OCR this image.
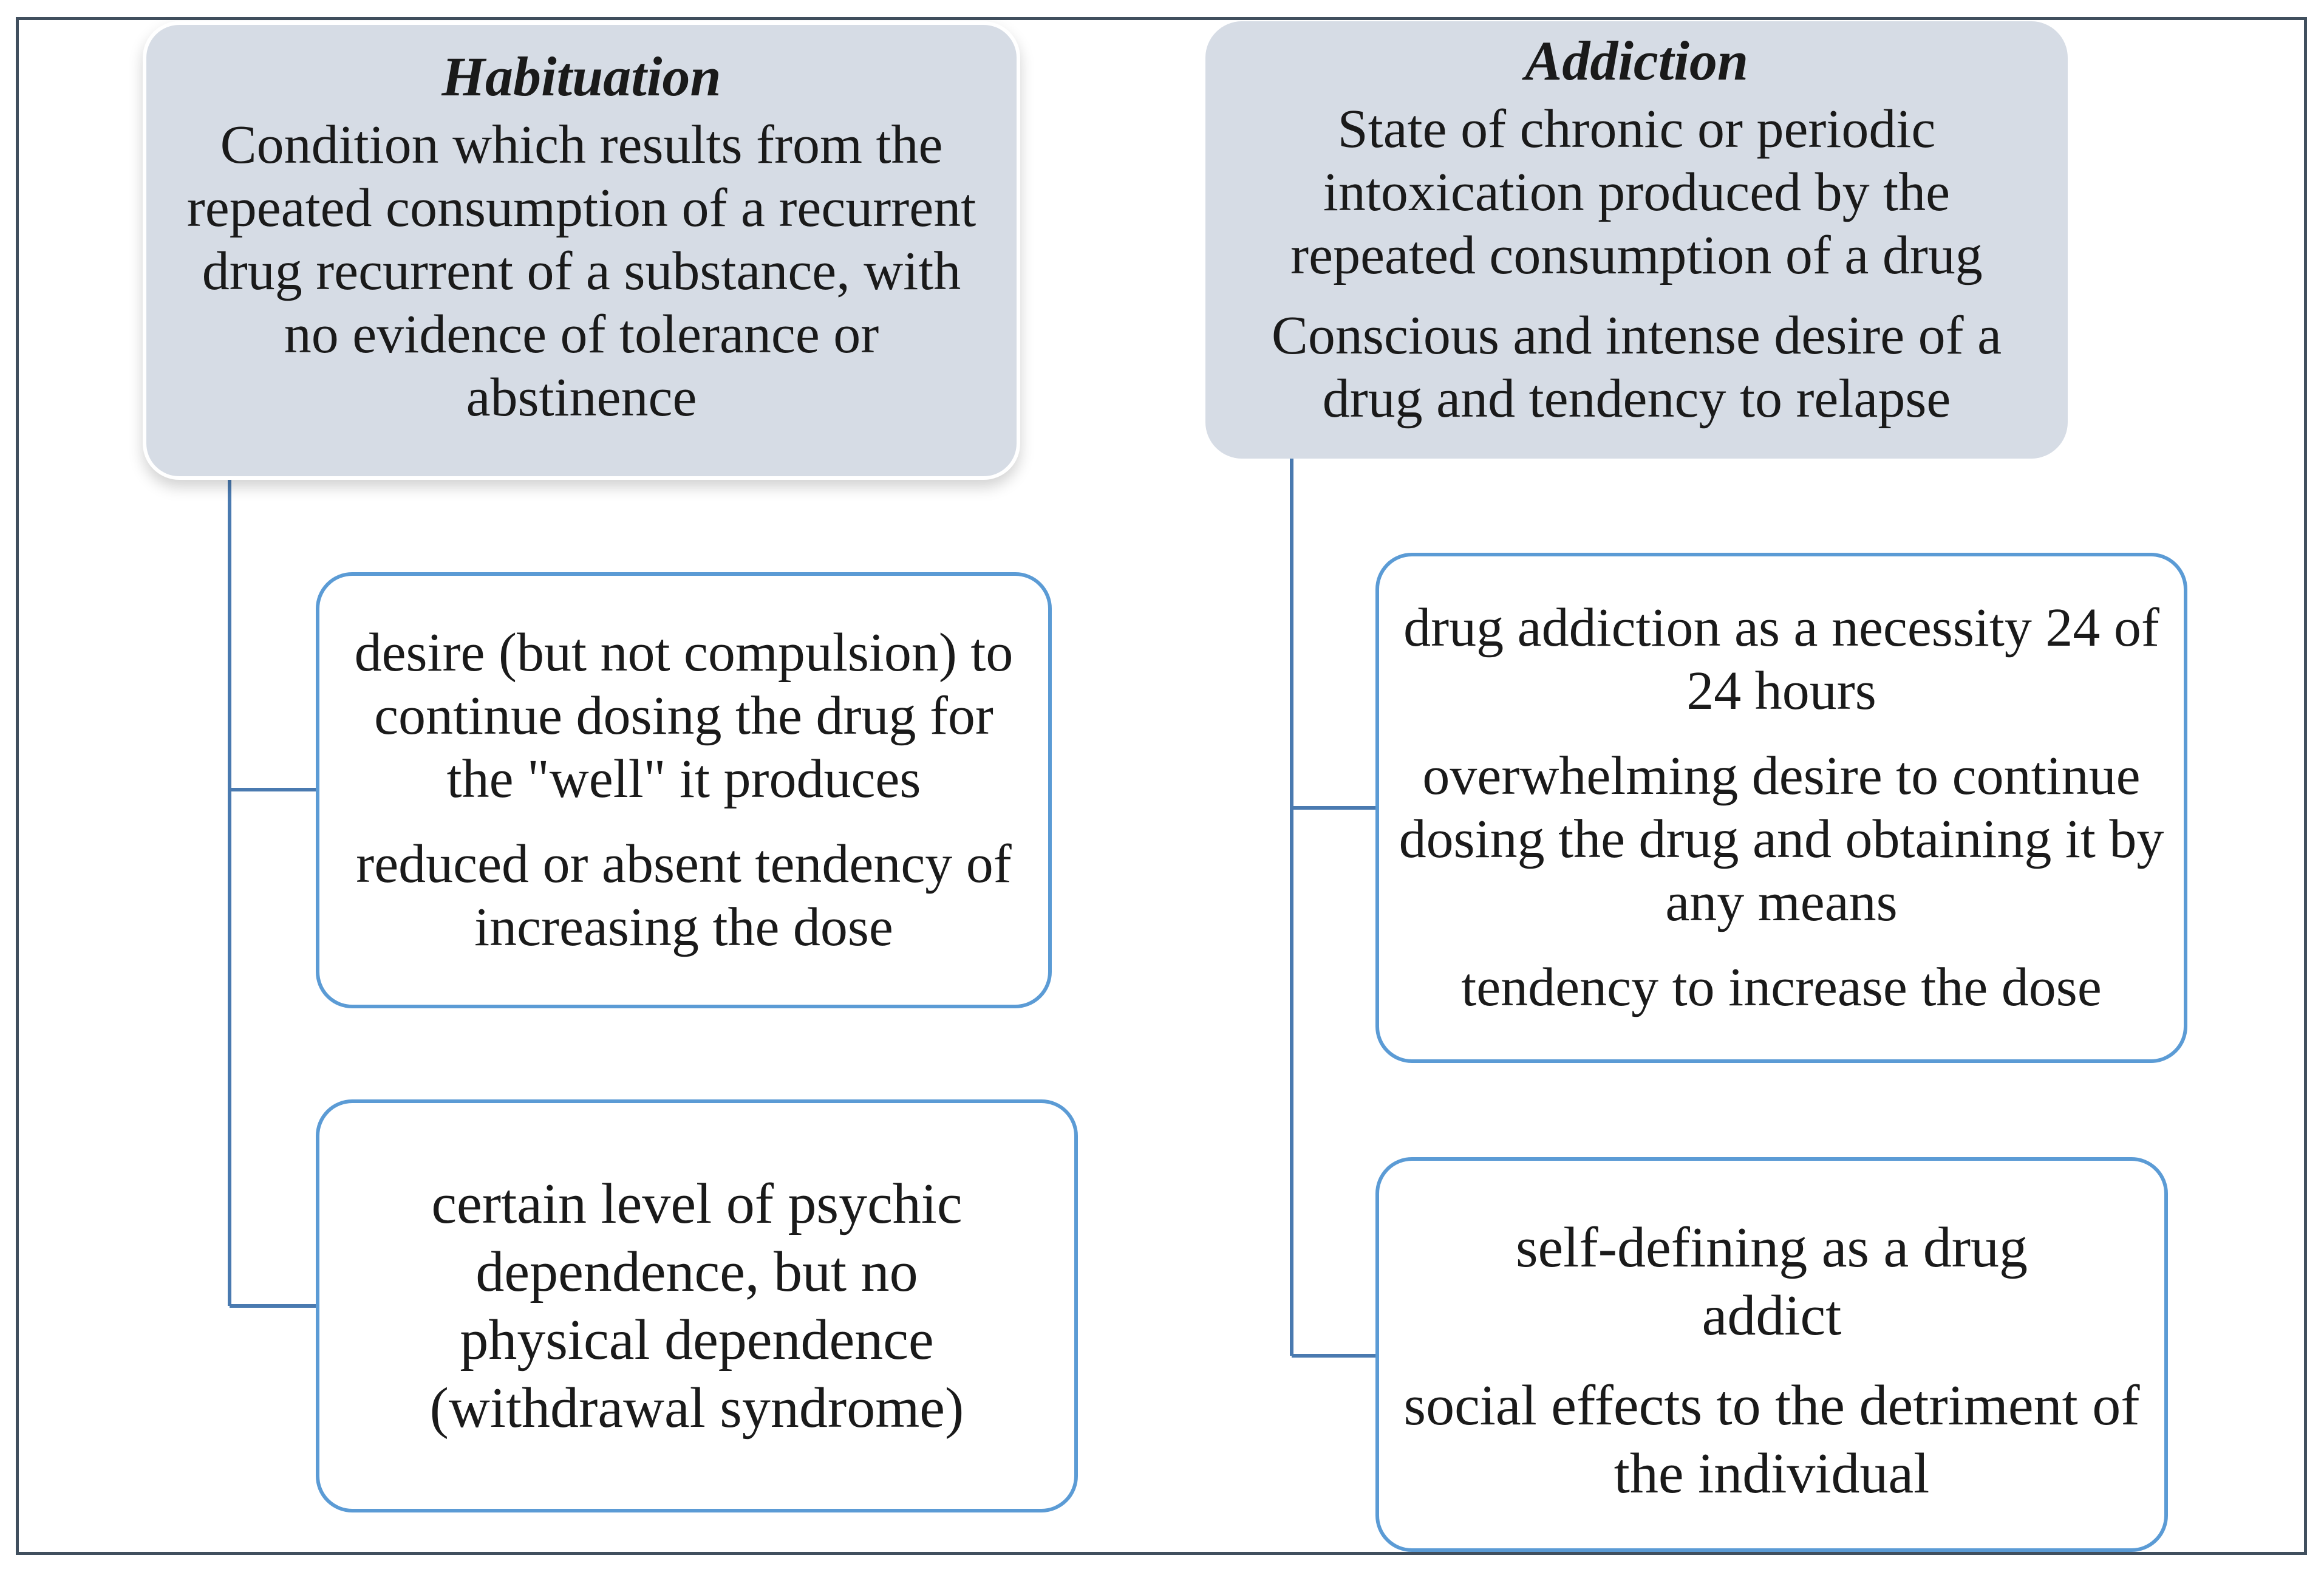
Habituation
Condition which results from the repeated consumption of a recurrent drug recurrent of a substance, with no evidence of tolerance or abstinence
Addiction
State of chronic or periodic intoxication produced by the repeated consumption of a drug
Conscious and intense desire of a drug and tendency to relapse
desire (but not compulsion) to continue dosing the drug for the "well" it produces
reduced or absent tendency of increasing the dose
certain level of psychic dependence, but no physical dependence (withdrawal syndrome)
drug addiction as a necessity 24 of 24 hours
overwhelming desire to continue dosing the drug and obtaining it by any means
tendency to increase the dose
self-defining as a drug addict
social effects to the detriment of the individual
